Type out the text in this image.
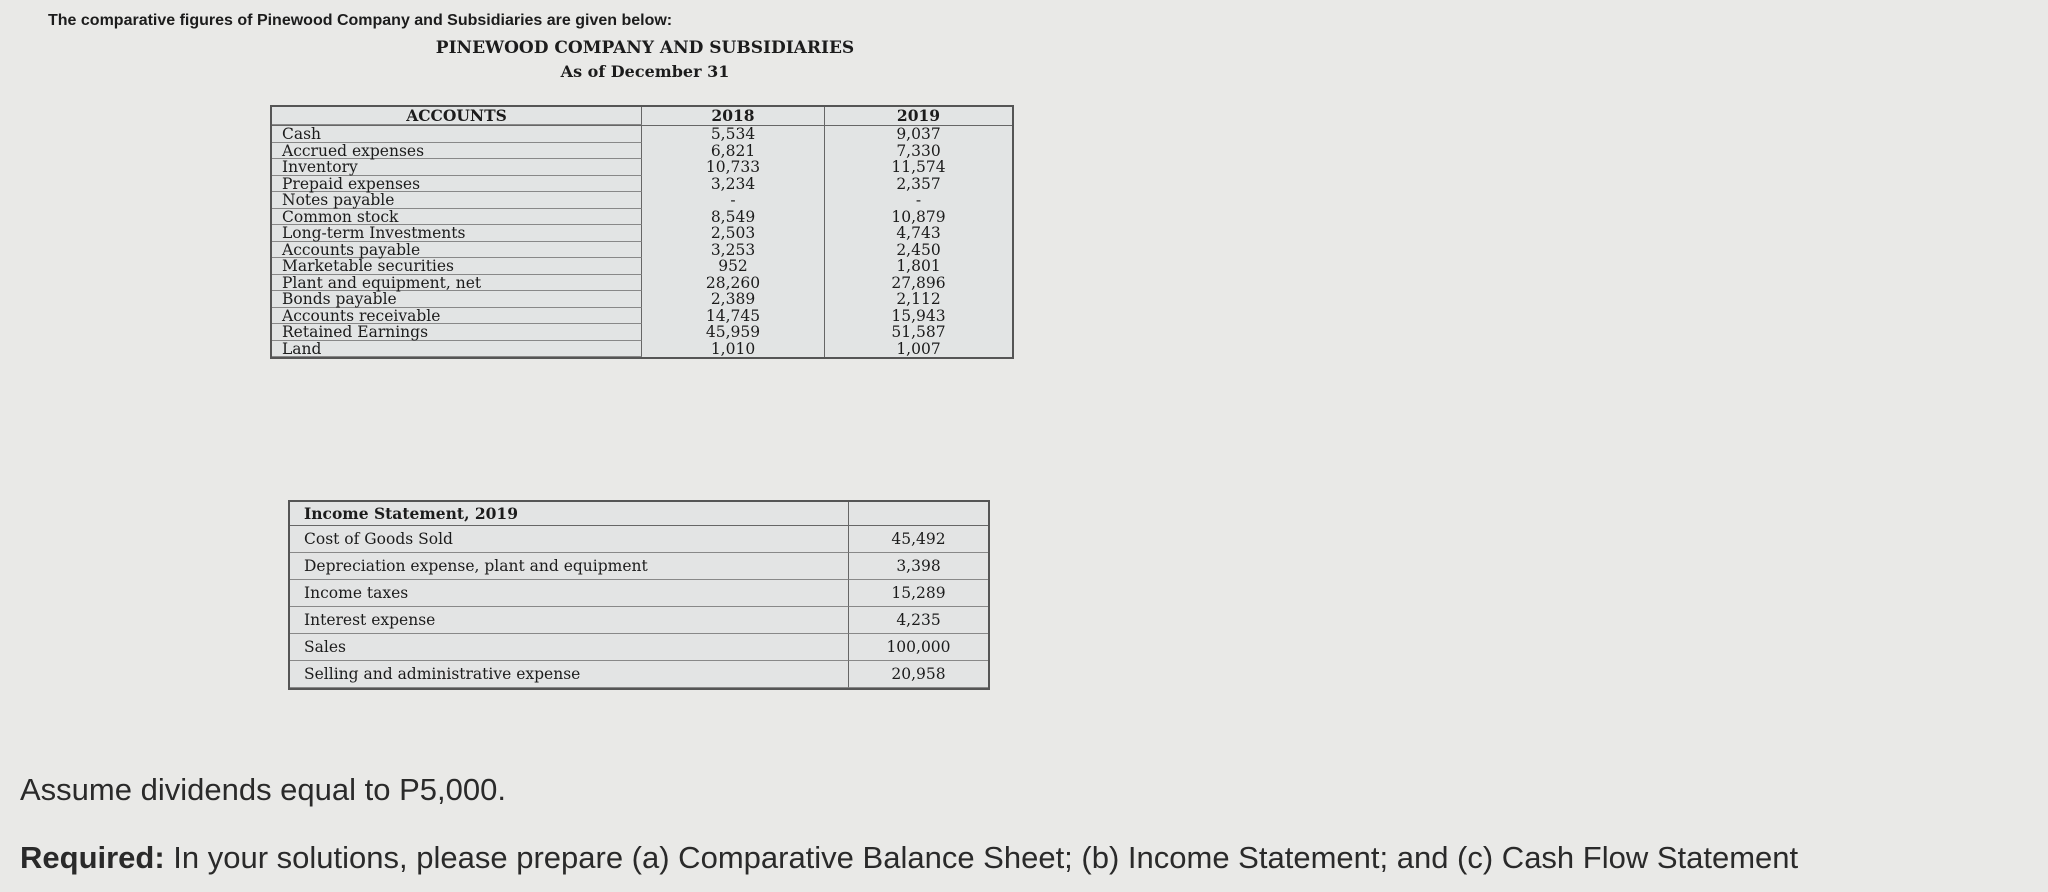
The comparative figures of Pinewood Company and Subsidiaries are given below:
PINEWOOD COMPANY AND SUBSIDIARIES
As of December 31
ACCOUNTS	2018	2019
Cash	5,534	9,037
Accrued expenses	6,821	7,330
Inventory	10,733	11,574
Prepaid expenses	3,234	2,357
Notes payable	-	-
Common stock	8,549	10,879
Long-term Investments	2,503	4,743
Accounts payable	3,253	2,450
Marketable securities	952	1,801
Plant and equipment, net	28,260	27,896
Bonds payable	2,389	2,112
Accounts receivable	14,745	15,943
Retained Earnings	45,959	51,587
Land	1,010	1,007
Income Statement, 2019
Cost of Goods Sold	45,492
Depreciation expense, plant and equipment	3,398
Income taxes	15,289
Interest expense	4,235
Sales	100,000
Selling and administrative expense	20,958
Assume dividends equal to P5,000.
Required: In your solutions, please prepare (a) Comparative Balance Sheet; (b) Income Statement; and (c) Cash Flow Statement
